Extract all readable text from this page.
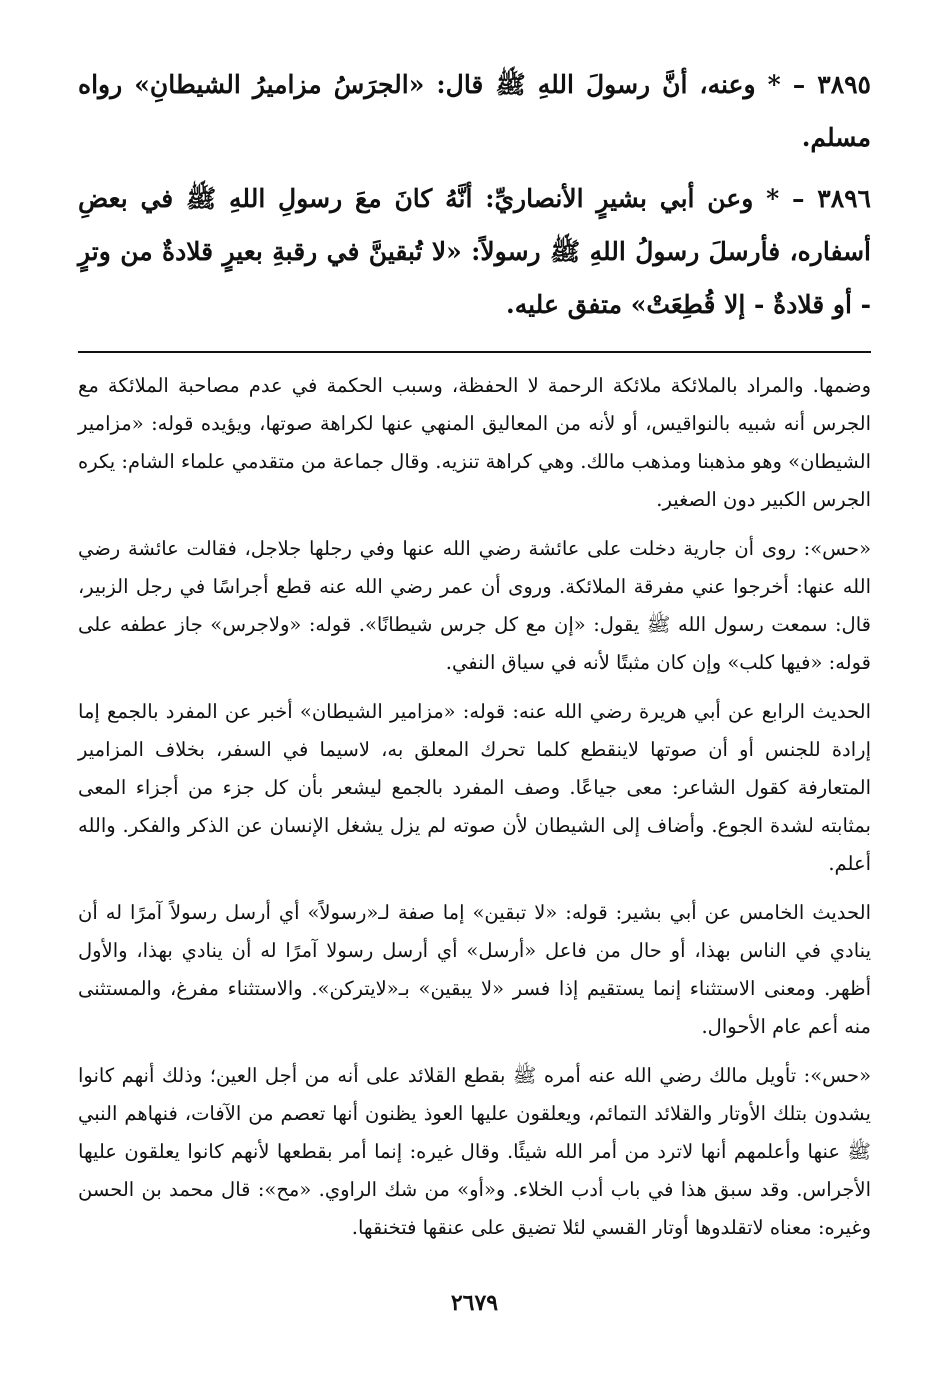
٣٨٩٥ – * وعنه، أنَّ رسولَ اللهِ ﷺ قال: «الجرَسُ مزاميرُ الشيطانِ» رواه مسلم.

٣٨٩٦ – * وعن أبي بشيرٍ الأنصاريِّ: أنَّهُ كانَ معَ رسولِ اللهِ ﷺ في بعضِ أسفاره، فأرسلَ رسولُ اللهِ ﷺ رسولاً: «لا تُبقينَّ في رقبةِ بعيرٍ قلادةٌ من وترٍ - أو قلادةٌ - إلا قُطِعَتْ» متفق عليه.

وضمها. والمراد بالملائكة ملائكة الرحمة لا الحفظة، وسبب الحكمة في عدم مصاحبة الملائكة مع الجرس أنه شبيه بالنواقيس، أو لأنه من المعاليق المنهي عنها لكراهة صوتها، ويؤيده قوله: «مزامير الشيطان» وهو مذهبنا ومذهب مالك. وهي كراهة تنزيه. وقال جماعة من متقدمي علماء الشام: يكره الجرس الكبير دون الصغير.

«حس»: روى أن جارية دخلت على عائشة رضي الله عنها وفي رجلها جلاجل، فقالت عائشة رضي الله عنها: أخرجوا عني مفرقة الملائكة. وروى أن عمر رضي الله عنه قطع أجراسًا في رجل الزبير، قال: سمعت رسول الله ﷺ يقول: «إن مع كل جرس شيطانًا». قوله: «ولاجرس» جاز عطفه على قوله: «فيها كلب» وإن كان مثبتًا لأنه في سياق النفي.

الحديث الرابع عن أبي هريرة رضي الله عنه: قوله: «مزامير الشيطان» أخبر عن المفرد بالجمع إما إرادة للجنس أو أن صوتها لاينقطع كلما تحرك المعلق به، لاسيما في السفر، بخلاف المزامير المتعارفة كقول الشاعر: معى جياعًا. وصف المفرد بالجمع ليشعر بأن كل جزء من أجزاء المعى بمثابته لشدة الجوع. وأضاف إلى الشيطان لأن صوته لم يزل يشغل الإنسان عن الذكر والفكر. والله أعلم.

الحديث الخامس عن أبي بشير: قوله: «لا تبقين» إما صفة لـ«رسولاً» أي أرسل رسولاً آمرًا له أن ينادي في الناس بهذا، أو حال من فاعل «أرسل» أي أرسل رسولا آمرًا له أن ينادي بهذا، والأول أظهر. ومعنى الاستثناء إنما يستقيم إذا فسر «لا يبقين» بـ«لايتركن». والاستثناء مفرغ، والمستثنى منه أعم عام الأحوال.

«حس»: تأويل مالك رضي الله عنه أمره ﷺ بقطع القلائد على أنه من أجل العين؛ وذلك أنهم كانوا يشدون بتلك الأوتار والقلائد التمائم، ويعلقون عليها العوذ يظنون أنها تعصم من الآفات، فنهاهم النبي ﷺ عنها وأعلمهم أنها لاترد من أمر الله شيئًا. وقال غيره: إنما أمر بقطعها لأنهم كانوا يعلقون عليها الأجراس. وقد سبق هذا في باب أدب الخلاء. و«أو» من شك الراوي. «مح»: قال محمد بن الحسن وغيره: معناه لاتقلدوها أوتار القسي لئلا تضيق على عنقها فتخنقها.

٢٦٧٩
